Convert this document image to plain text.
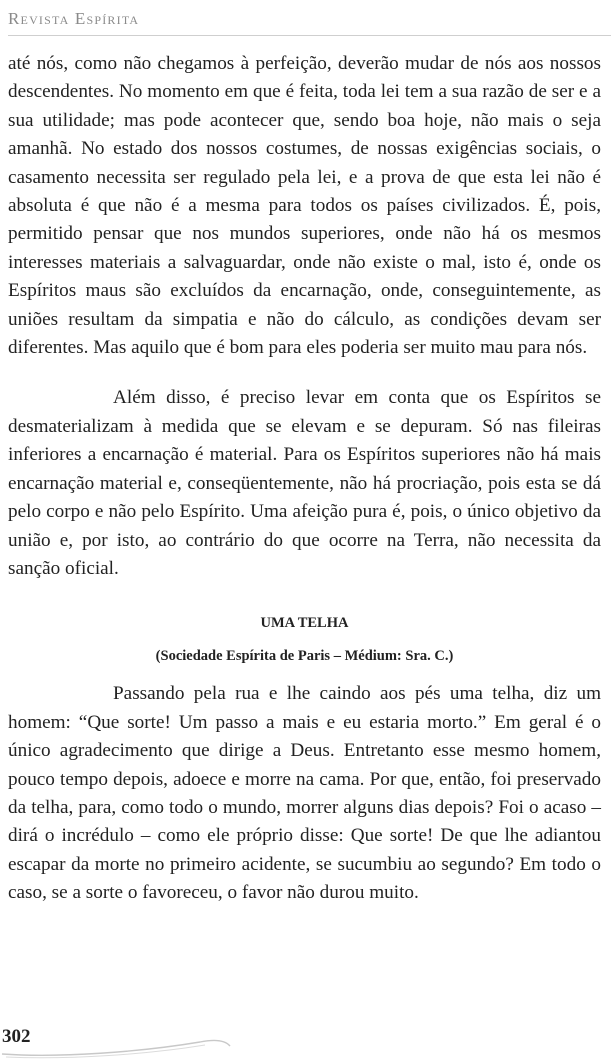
Revista Espírita

até nós, como não chegamos à perfeição, deverão mudar de nós aos nossos descendentes. No momento em que é feita, toda lei tem a sua razão de ser e a sua utilidade; mas pode acontecer que, sendo boa hoje, não mais o seja amanhã. No estado dos nossos costumes, de nossas exigências sociais, o casamento necessita ser regulado pela lei, e a prova de que esta lei não é absoluta é que não é a mesma para todos os países civilizados. É, pois, permitido pensar que nos mundos superiores, onde não há os mesmos interesses materiais a salvaguardar, onde não existe o mal, isto é, onde os Espíritos maus são excluídos da encarnação, onde, conseguintemente, as uniões resultam da simpatia e não do cálculo, as condições devam ser diferentes. Mas aquilo que é bom para eles poderia ser muito mau para nós.

Além disso, é preciso levar em conta que os Espíritos se desmaterializam à medida que se elevam e se depuram. Só nas fileiras inferiores a encarnação é material. Para os Espíritos superiores não há mais encarnação material e, conseqüentemente, não há procriação, pois esta se dá pelo corpo e não pelo Espírito. Uma afeição pura é, pois, o único objetivo da união e, por isto, ao contrário do que ocorre na Terra, não necessita da sanção oficial.

UMA TELHA

(Sociedade Espírita de Paris – Médium: Sra. C.)

Passando pela rua e lhe caindo aos pés uma telha, diz um homem: “Que sorte! Um passo a mais e eu estaria morto.” Em geral é o único agradecimento que dirige a Deus. Entretanto esse mesmo homem, pouco tempo depois, adoece e morre na cama. Por que, então, foi preservado da telha, para, como todo o mundo, morrer alguns dias depois? Foi o acaso – dirá o incrédulo – como ele próprio disse: Que sorte! De que lhe adiantou escapar da morte no primeiro acidente, se sucumbiu ao segundo? Em todo o caso, se a sorte o favoreceu, o favor não durou muito.

302
